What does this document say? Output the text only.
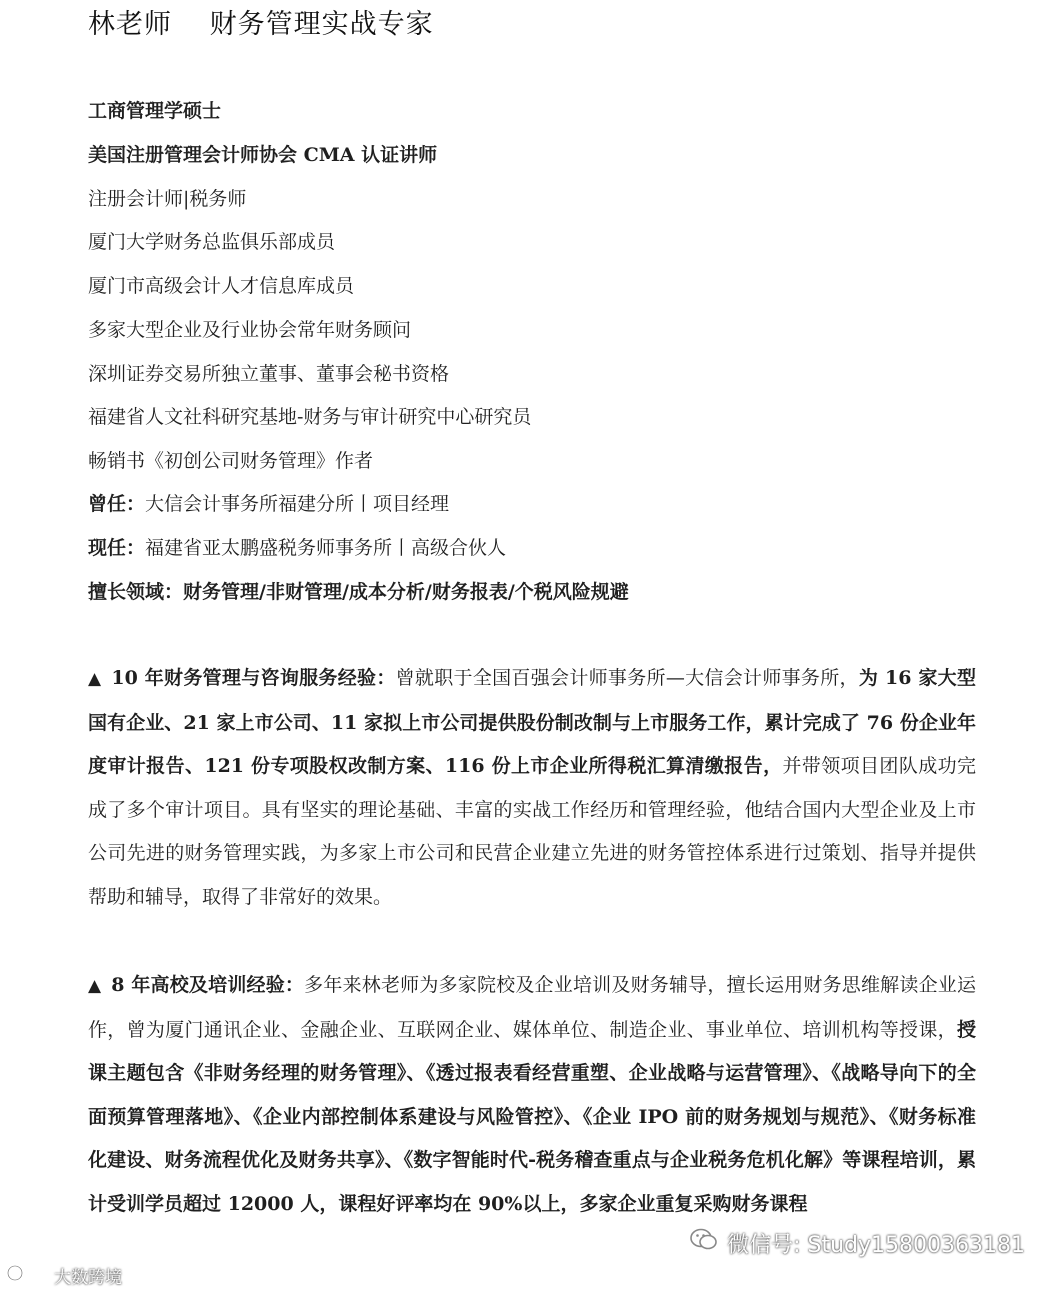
林老师　 财务管理实战专家

工商管理学硕士

美国注册管理会计师协会 CMA 认证讲师

注册会计师|税务师

厦门大学财务总监俱乐部成员

厦门市高级会计人才信息库成员

多家大型企业及行业协会常年财务顾问

深圳证券交易所独立董事、董事会秘书资格

福建省人文社科研究基地-财务与审计研究中心研究员

畅销书《初创公司财务管理》作者

曾任：大信会计事务所福建分所丨项目经理

现任：福建省亚太鹏盛税务师事务所丨高级合伙人

擅长领域：财务管理/非财管理/成本分析/财务报表/个税风险规避

▲ 10 年财务管理与咨询服务经验：曾就职于全国百强会计师事务所—大信会计师事务所，为 16 家大型国有企业、21 家上市公司、11 家拟上市公司提供股份制改制与上市服务工作，累计完成了 76 份企业年度审计报告、121 份专项股权改制方案、116 份上市企业所得税汇算清缴报告，并带领项目团队成功完成了多个审计项目。具有坚实的理论基础、丰富的实战工作经历和管理经验，他结合国内大型企业及上市公司先进的财务管理实践，为多家上市公司和民营企业建立先进的财务管控体系进行过策划、指导并提供帮助和辅导，取得了非常好的效果。

▲ 8 年高校及培训经验：多年来林老师为多家院校及企业培训及财务辅导，擅长运用财务思维解读企业运作，曾为厦门通讯企业、金融企业、互联网企业、媒体单位、制造企业、事业单位、培训机构等授课，授课主题包含《非财务经理的财务管理》、《透过报表看经营重塑、企业战略与运营管理》、《战略导向下的全面预算管理落地》、《企业内部控制体系建设与风险管控》、《企业 IPO 前的财务规划与规范》、《财务标准化建设、财务流程优化及财务共享》、《数字智能时代-税务稽查重点与企业税务危机化解》等课程培训，累计受训学员超过 12000 人，课程好评率均在 90%以上，多家企业重复采购财务课程

微信号: Study15800363181
大数跨境
